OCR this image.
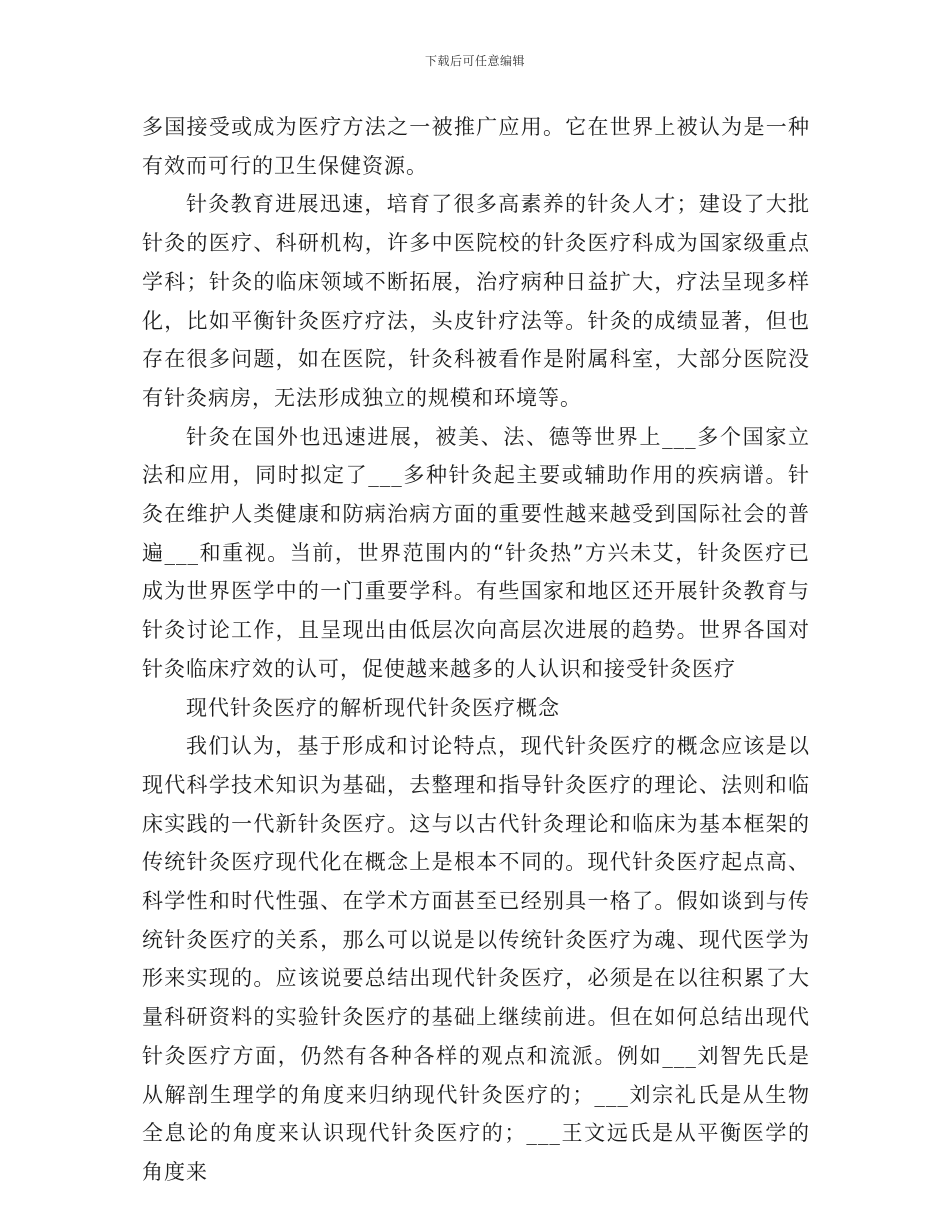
下载后可任意编辑

多国接受或成为医疗方法之一被推广应用。它在世界上被认为是一种有效而可行的卫生保健资源。

针灸教育进展迅速，培育了很多高素养的针灸人才；建设了大批针灸的医疗、科研机构，许多中医院校的针灸医疗科成为国家级重点学科；针灸的临床领域不断拓展，治疗病种日益扩大，疗法呈现多样化，比如平衡针灸医疗疗法，头皮针疗法等。针灸的成绩显著，但也存在很多问题，如在医院，针灸科被看作是附属科室，大部分医院没有针灸病房，无法形成独立的规模和环境等。

针灸在国外也迅速进展，被美、法、德等世界上___多个国家立法和应用，同时拟定了___多种针灸起主要或辅助作用的疾病谱。针灸在维护人类健康和防病治病方面的重要性越来越受到国际社会的普遍___和重视。当前，世界范围内的“针灸热”方兴未艾，针灸医疗已成为世界医学中的一门重要学科。有些国家和地区还开展针灸教育与针灸讨论工作，且呈现出由低层次向高层次进展的趋势。世界各国对针灸临床疗效的认可，促使越来越多的人认识和接受针灸医疗

现代针灸医疗的解析现代针灸医疗概念

我们认为，基于形成和讨论特点，现代针灸医疗的概念应该是以现代科学技术知识为基础，去整理和指导针灸医疗的理论、法则和临床实践的一代新针灸医疗。这与以古代针灸理论和临床为基本框架的传统针灸医疗现代化在概念上是根本不同的。现代针灸医疗起点高、科学性和时代性强、在学术方面甚至已经别具一格了。假如谈到与传统针灸医疗的关系，那么可以说是以传统针灸医疗为魂、现代医学为形来实现的。应该说要总结出现代针灸医疗，必须是在以往积累了大量科研资料的实验针灸医疗的基础上继续前进。但在如何总结出现代针灸医疗方面，仍然有各种各样的观点和流派。例如___刘智先氏是从解剖生理学的角度来归纳现代针灸医疗的；___刘宗礼氏是从生物全息论的角度来认识现代针灸医疗的；___王文远氏是从平衡医学的角度来
